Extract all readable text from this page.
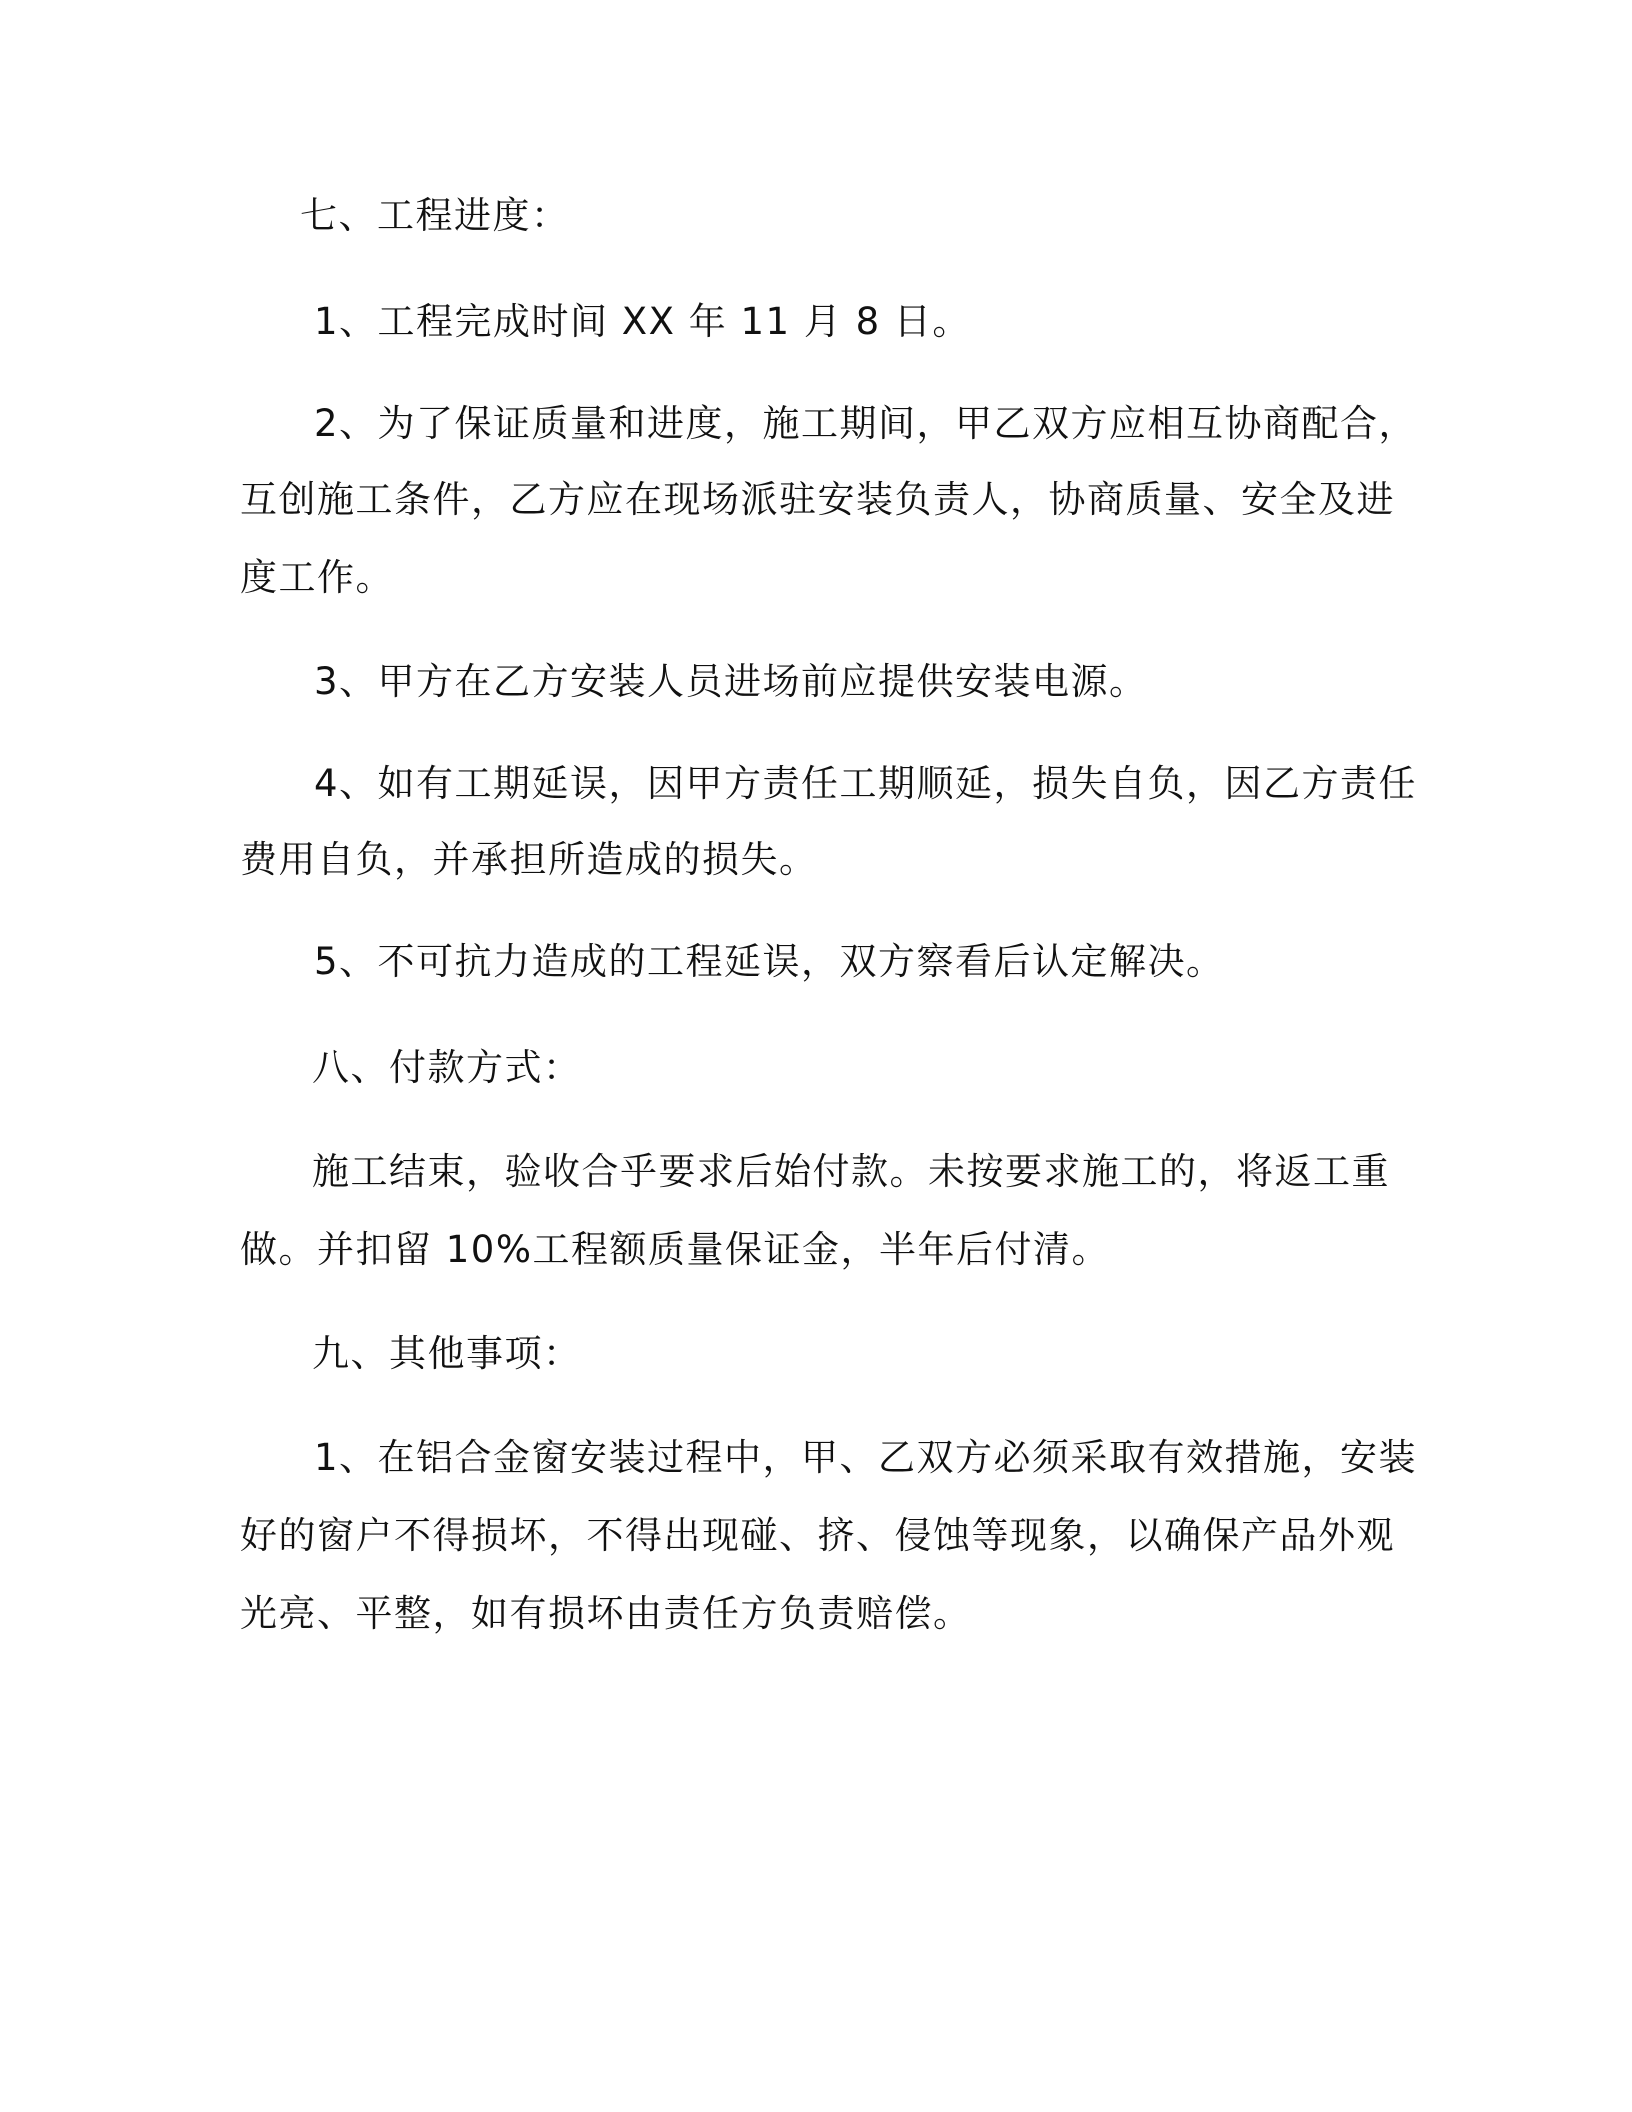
七、工程进度：

1、工程完成时间 XX 年 11 月 8 日。

2、为了保证质量和进度，施工期间，甲乙双方应相互协商配合，

互创施工条件，乙方应在现场派驻安装负责人，协商质量、安全及进

度工作。

3、甲方在乙方安装人员进场前应提供安装电源。

4、如有工期延误，因甲方责任工期顺延，损失自负，因乙方责任

费用自负，并承担所造成的损失。

5、不可抗力造成的工程延误，双方察看后认定解决。

八、付款方式：

施工结束，验收合乎要求后始付款。未按要求施工的，将返工重

做。并扣留 10%工程额质量保证金，半年后付清。

九、其他事项：

1、在铝合金窗安装过程中，甲、乙双方必须采取有效措施，安装

好的窗户不得损坏，不得出现碰、挤、侵蚀等现象，以确保产品外观

光亮、平整，如有损坏由责任方负责赔偿。
